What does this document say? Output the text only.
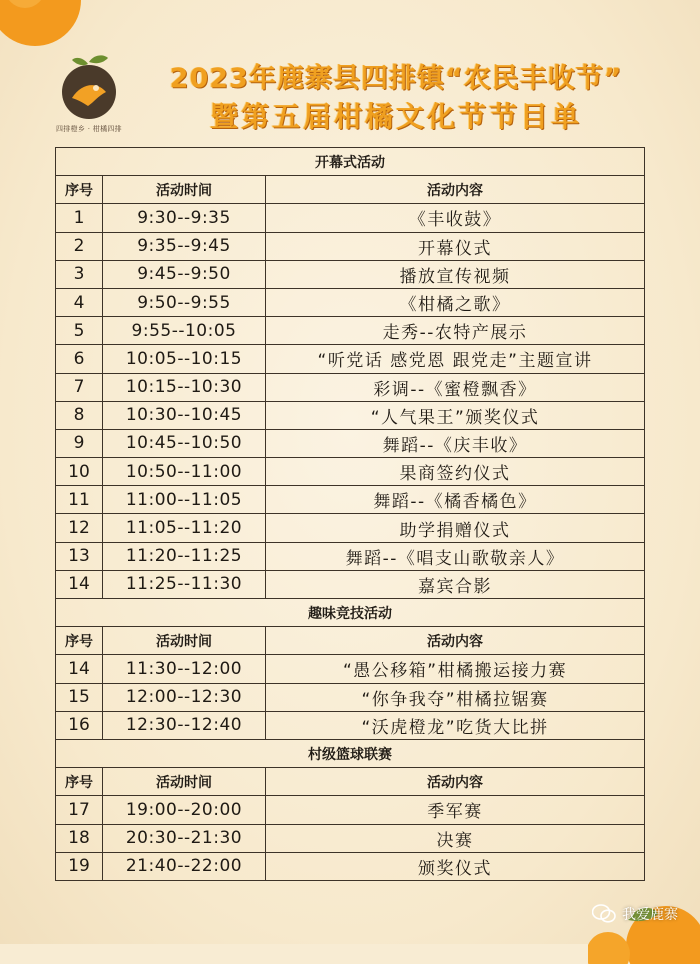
四排橙乡 · 柑橘四排
2023年鹿寨县四排镇“农民丰收节”
暨第五届柑橘文化节节目单
开幕式活动		
序号	活动时间	活动内容
1	9:30--9:35	《丰收鼓》
2	9:35--9:45	开幕仪式
3	9:45--9:50	播放宣传视频
4	9:50--9:55	《柑橘之歌》
5	9:55--10:05	走秀--农特产展示
6	10:05--10:15	“听党话 感党恩 跟党走”主题宣讲
7	10:15--10:30	彩调--《蜜橙飘香》
8	10:30--10:45	“人气果王”颁奖仪式
9	10:45--10:50	舞蹈--《庆丰收》
10	10:50--11:00	果商签约仪式
11	11:00--11:05	舞蹈--《橘香橘色》
12	11:05--11:20	助学捐赠仪式
13	11:20--11:25	舞蹈--《唱支山歌敬亲人》
14	11:25--11:30	嘉宾合影
趣味竞技活动		
序号	活动时间	活动内容
14	11:30--12:00	“愚公移箱”柑橘搬运接力赛
15	12:00--12:30	“你争我夺”柑橘拉锯赛
16	12:30--12:40	“沃虎橙龙”吃货大比拼
村级篮球联赛		
序号	活动时间	活动内容
17	19:00--20:00	季军赛
18	20:30--21:30	决赛
19	21:40--22:00	颁奖仪式
我爱鹿寨
